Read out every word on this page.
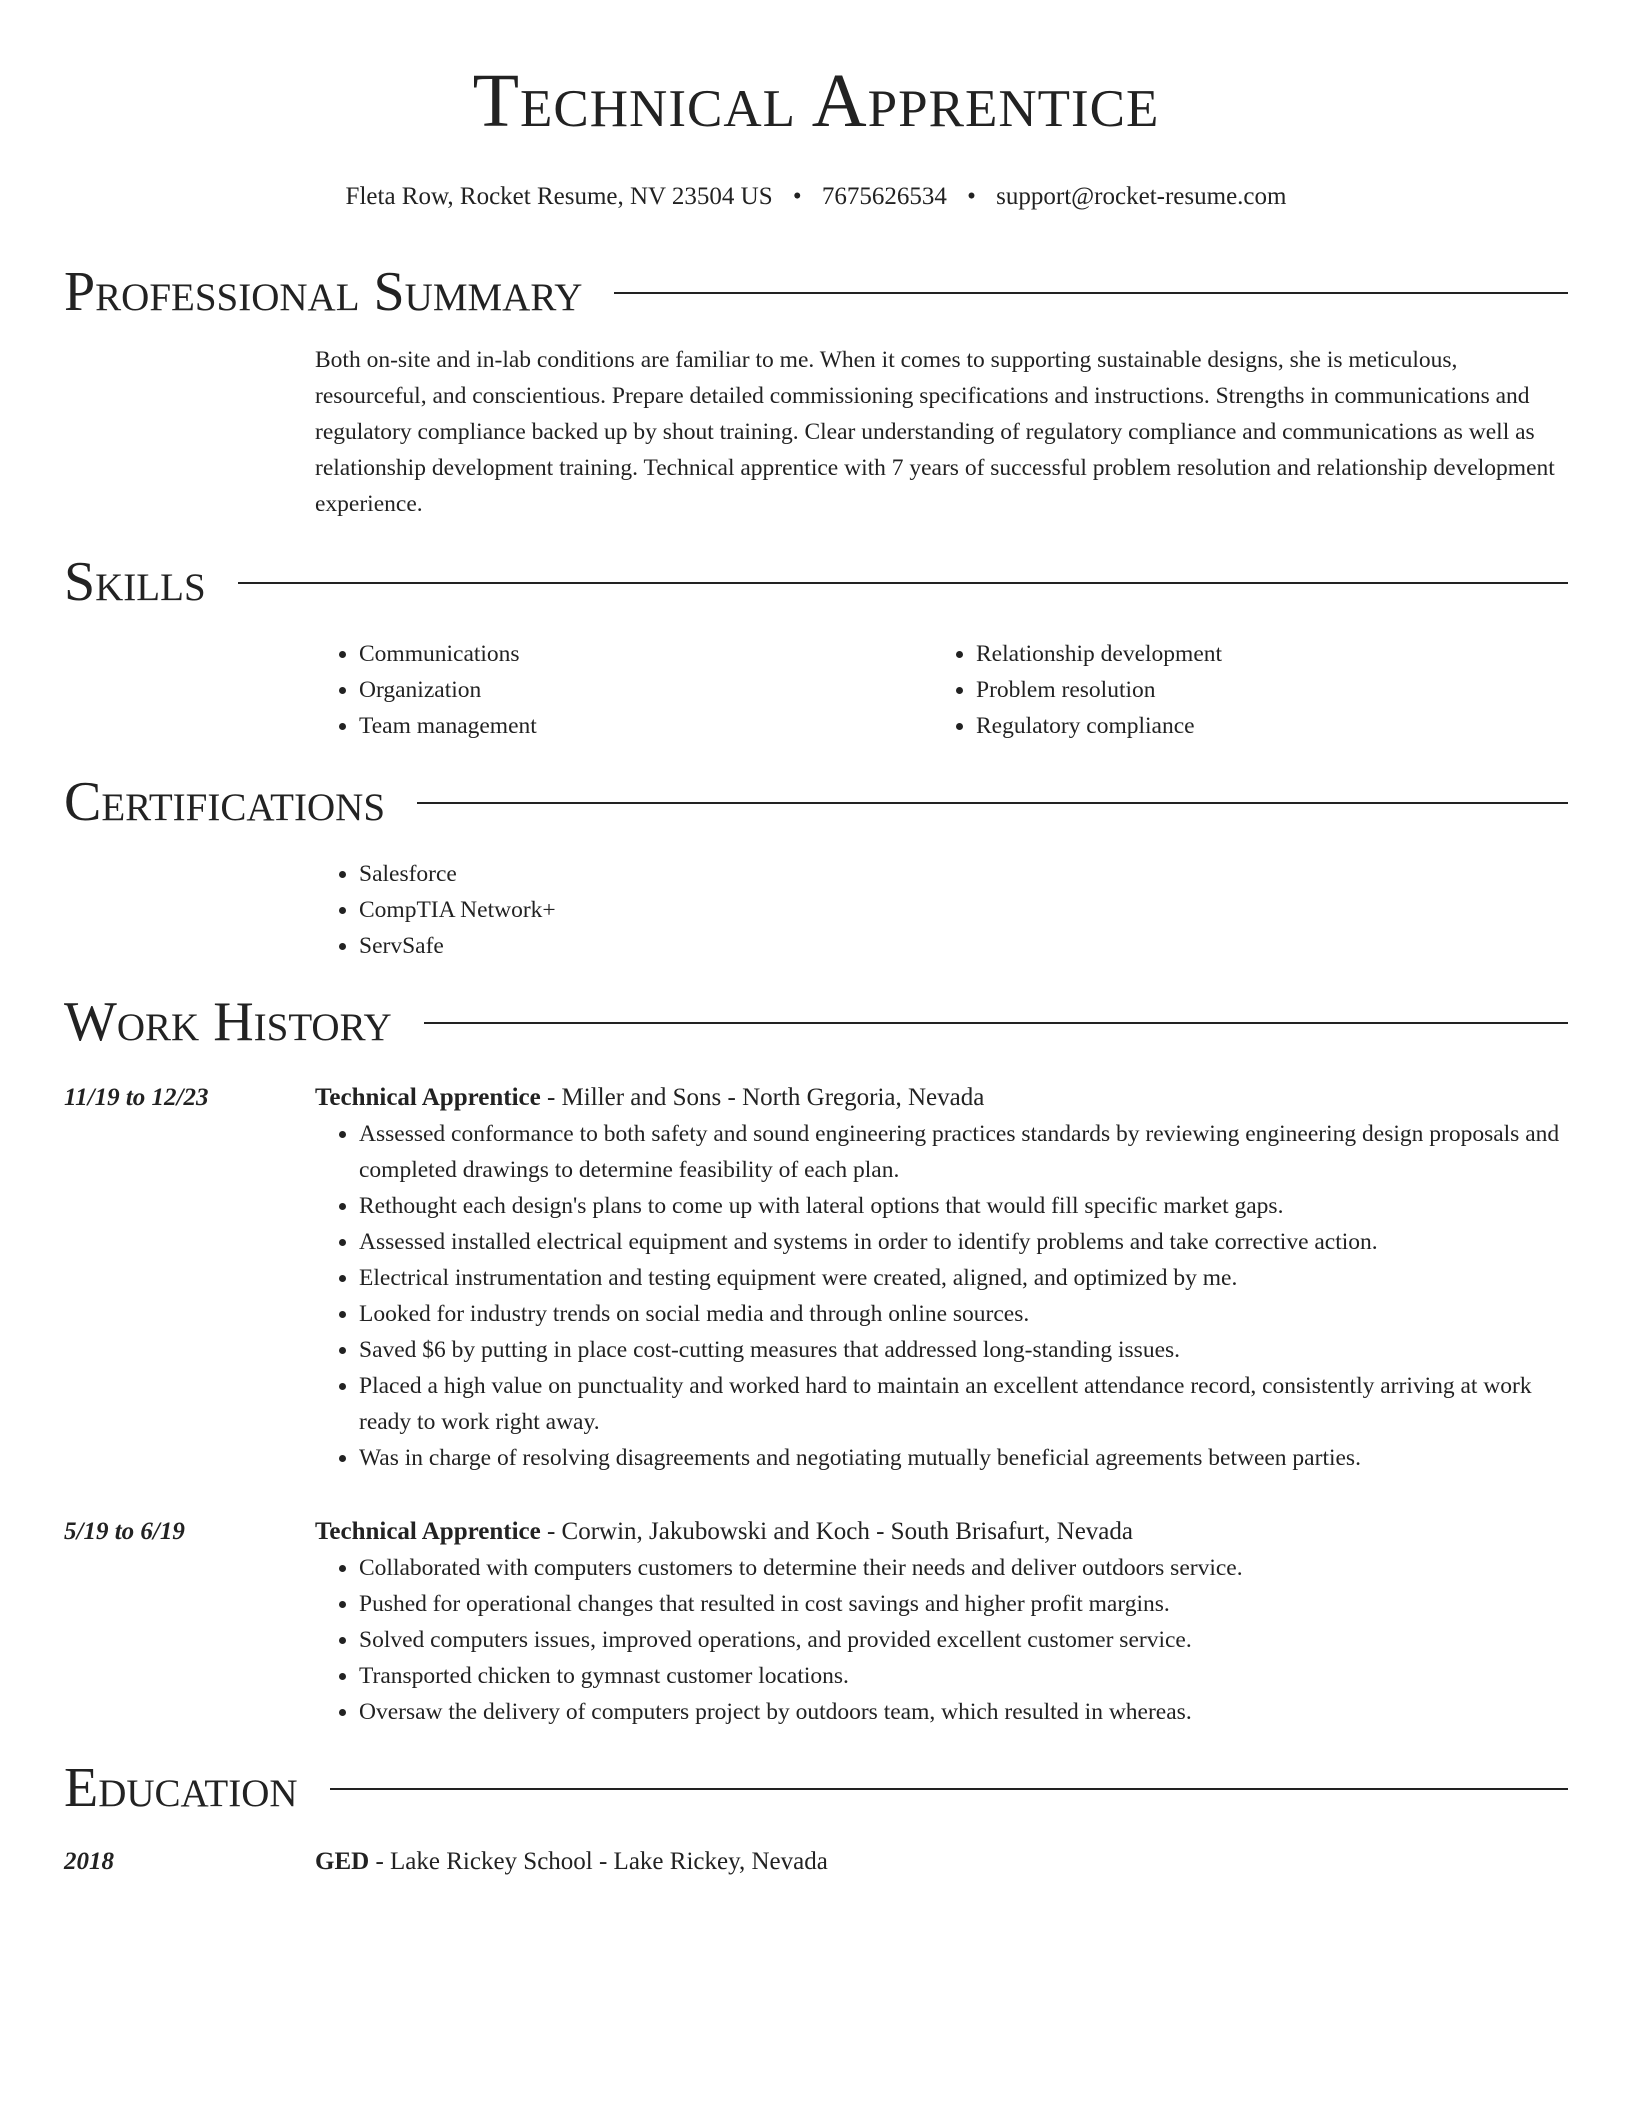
Technical Apprentice
Fleta Row, Rocket Resume, NV 23504 US • 7675626534 • support@rocket-resume.com
Professional Summary
Both on-site and in-lab conditions are familiar to me. When it comes to supporting sustainable designs, she is meticulous, resourceful, and conscientious. Prepare detailed commissioning specifications and instructions. Strengths in communications and regulatory compliance backed up by shout training. Clear understanding of regulatory compliance and communications as well as relationship development training. Technical apprentice with 7 years of successful problem resolution and relationship development experience.
Skills
• Communications
• Organization
• Team management
• Relationship development
• Problem resolution
• Regulatory compliance
Certifications
• Salesforce
• CompTIA Network+
• ServSafe
Work History
11/19 to 12/23	Technical Apprentice - Miller and Sons - North Gregoria, Nevada
• Assessed conformance to both safety and sound engineering practices standards by reviewing engineering design proposals and completed drawings to determine feasibility of each plan.
• Rethought each design's plans to come up with lateral options that would fill specific market gaps.
• Assessed installed electrical equipment and systems in order to identify problems and take corrective action.
• Electrical instrumentation and testing equipment were created, aligned, and optimized by me.
• Looked for industry trends on social media and through online sources.
• Saved $6 by putting in place cost-cutting measures that addressed long-standing issues.
• Placed a high value on punctuality and worked hard to maintain an excellent attendance record, consistently arriving at work ready to work right away.
• Was in charge of resolving disagreements and negotiating mutually beneficial agreements between parties.
5/19 to 6/19	Technical Apprentice - Corwin, Jakubowski and Koch - South Brisafurt, Nevada
• Collaborated with computers customers to determine their needs and deliver outdoors service.
• Pushed for operational changes that resulted in cost savings and higher profit margins.
• Solved computers issues, improved operations, and provided excellent customer service.
• Transported chicken to gymnast customer locations.
• Oversaw the delivery of computers project by outdoors team, which resulted in whereas.
Education
2018	GED - Lake Rickey School - Lake Rickey, Nevada
